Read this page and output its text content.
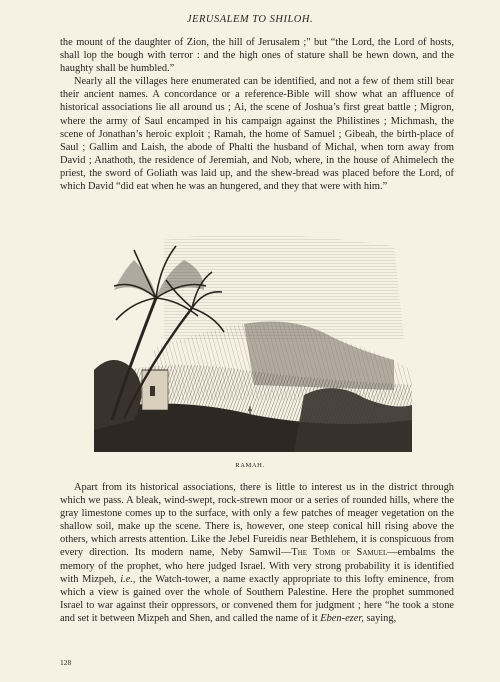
JERUSALEM TO SHILOH.

the mount of the daughter of Zion, the hill of Jerusalem ;" but “the Lord, the Lord of hosts, shall lop the bough with terror : and the high ones of stature shall be hewn down, and the haughty shall be humbled.”

Nearly all the villages here enumerated can be identified, and not a few of them still bear their ancient names. A concordance or a reference-Bible will show what an affluence of historical associations lie all around us ; Ai, the scene of Joshua’s first great battle ; Migron, where the army of Saul encamped in his campaign against the Philistines ; Michmash, the scene of Jonathan’s heroic exploit ; Ramah, the home of Samuel ; Gibeah, the birth-place of Saul ; Gallim and Laish, the abode of Phalti the husband of Michal, when torn away from David ; Anathoth, the residence of Jeremiah, and Nob, where, in the house of Ahimelech the priest, the sword of Goliath was laid up, and the shew-bread was placed before the Lord, of which David “did eat when he was an hungered, and they that were with him.”

RAMAH.

Apart from its historical associations, there is little to interest us in the district through which we pass. A bleak, wind-swept, rock-strewn moor or a series of rounded hills, where the gray limestone comes up to the surface, with only a few patches of meager vegetation on the shallow soil, make up the scene. There is, however, one steep conical hill rising above the others, which arrests attention. Like the Jebel Fureidis near Bethlehem, it is conspicuous from every direction. Its modern name, Neby Samwil—The Tomb of Samuel—embalms the memory of the prophet, who here judged Israel. With very strong probability it is identified with Mizpeh, i.e., the Watch-tower, a name exactly appropriate to this lofty eminence, from which a view is gained over the whole of Southern Palestine. Here the prophet summoned Israel to war against their oppressors, or convened them for judgment ; here “he took a stone and set it between Mizpeh and Shen, and called the name of it Eben-ezer, saying,

128
